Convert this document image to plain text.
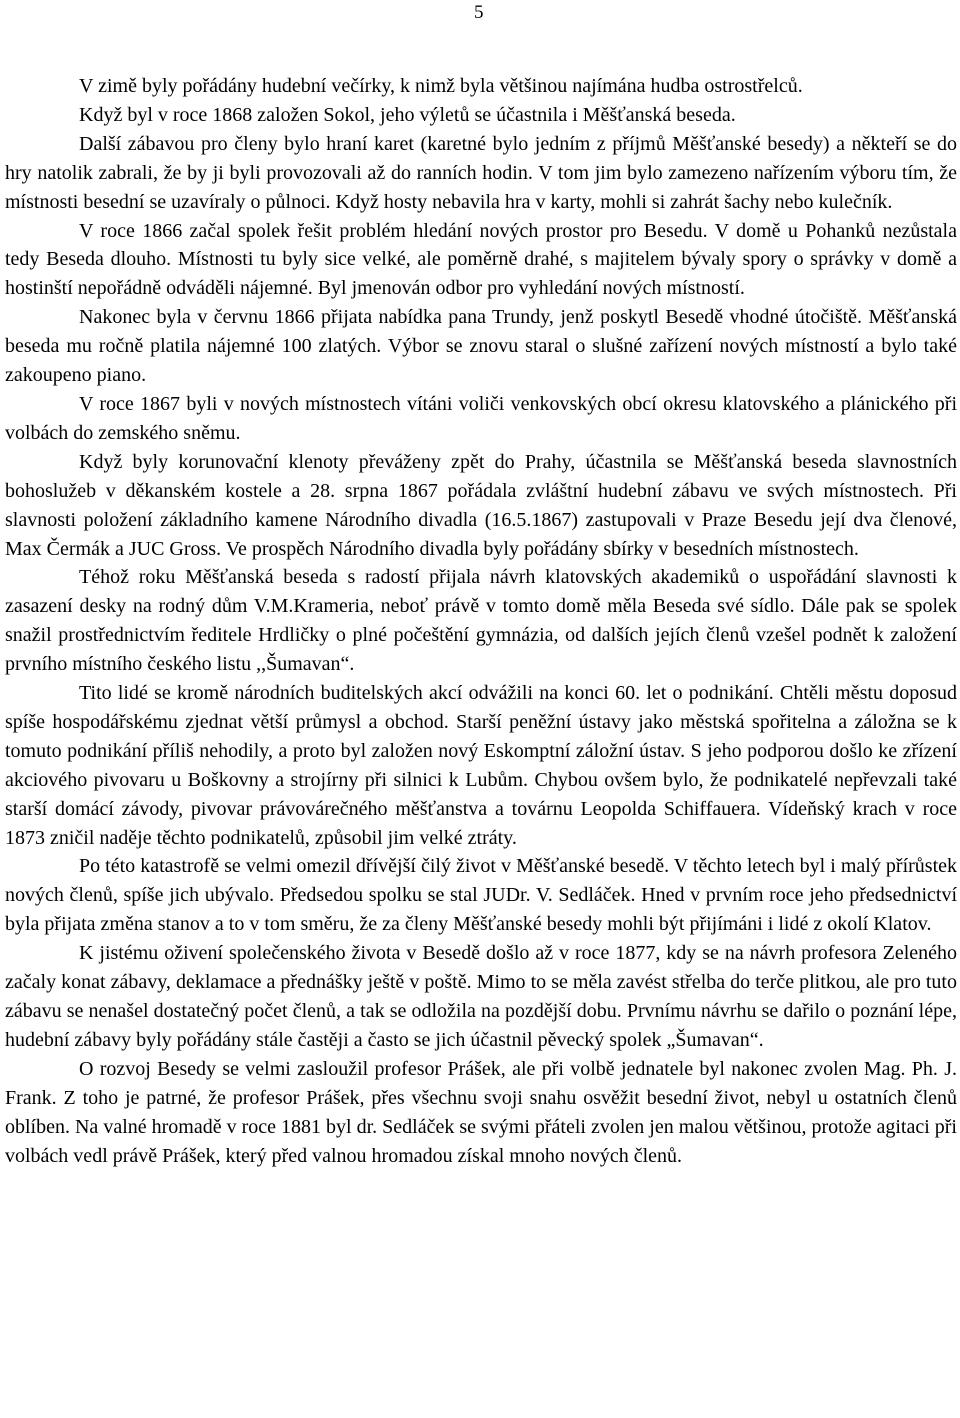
5

V zimě byly pořádány hudební večírky, k nimž byla většinou najímána hudba ostrostřelců.

Když byl v roce 1868 založen Sokol, jeho výletů se účastnila i Měšťanská beseda.

Další zábavou pro členy bylo hraní karet (karetné bylo jedním z příjmů Měšťanské besedy) a někteří se do hry natolik zabrali, že by ji byli provozovali až do ranních hodin. V tom jim bylo zamezeno nařízením výboru tím, že místnosti besední se uzavíraly o půlnoci. Když hosty nebavila hra v karty, mohli si zahrát šachy nebo kulečník.

V roce 1866 začal spolek řešit problém hledání nových prostor pro Besedu. V domě u Pohanků nezůstala tedy Beseda dlouho. Místnosti tu byly sice velké, ale poměrně drahé, s majitelem bývaly spory o správky v domě a hostinští nepořádně odváděli nájemné. Byl jmenován odbor pro vyhledání nových místností.

Nakonec byla v červnu 1866 přijata nabídka pana Trundy, jenž poskytl Besedě vhodné útočiště. Měšťanská beseda mu ročně platila nájemné 100 zlatých. Výbor se znovu staral o slušné zařízení nových místností a bylo také zakoupeno piano.

V roce 1867 byli v nových místnostech vítáni voliči venkovských obcí okresu klatovského a plánického při volbách do zemského sněmu.

Když byly korunovační klenoty převáženy zpět do Prahy, účastnila se Měšťanská beseda slavnostních bohoslužeb v děkanském kostele a 28. srpna 1867 pořádala zvláštní hudební zábavu ve svých místnostech. Při slavnosti položení základního kamene Národního divadla (16.5.1867) zastupovali v Praze Besedu její dva členové, Max Čermák a JUC Gross. Ve prospěch Národního divadla byly pořádány sbírky v besedních místnostech.

Téhož roku Měšťanská beseda s radostí přijala návrh klatovských akademiků o uspořádání slavnosti k zasazení desky na rodný dům V.M.Krameria, neboť právě v tomto domě měla Beseda své sídlo. Dále pak se spolek snažil prostřednictvím ředitele Hrdličky o plné počeštění gymnázia, od dalších jejích členů vzešel podnět k založení prvního místního českého listu ,,Šumavan“.

Tito lidé se kromě národních buditelských akcí odvážili na konci 60. let o podnikání. Chtěli městu doposud spíše hospodářskému zjednat větší průmysl a obchod. Starší peněžní ústavy jako městská spořitelna a záložna se k tomuto podnikání příliš nehodily, a proto byl založen nový Eskomptní záložní ústav. S jeho podporou došlo ke zřízení akciového pivovaru u Boškovny a strojírny při silnici k Lubům. Chybou ovšem bylo, že podnikatelé nepřevzali také starší domácí závody, pivovar právovárečného měšťanstva a továrnu Leopolda Schiffauera. Vídeňský krach v roce 1873 zničil naděje těchto podnikatelů, způsobil jim velké ztráty.

Po této katastrofě se velmi omezil dřívější čilý život v Měšťanské besedě. V těchto letech byl i malý přírůstek nových členů, spíše jich ubývalo. Předsedou spolku se stal JUDr. V. Sedláček. Hned v prvním roce jeho předsednictví byla přijata změna stanov a to v tom směru, že za členy Měšťanské besedy mohli být přijímáni i lidé z okolí Klatov.

K jistému oživení společenského života v Besedě došlo až v roce 1877, kdy se na návrh profesora Zeleného začaly konat zábavy, deklamace a přednášky ještě v poště. Mimo to se měla zavést střelba do terče plitkou, ale pro tuto zábavu se nenašel dostatečný počet členů, a tak se odložila na pozdější dobu. Prvnímu návrhu se dařilo o poznání lépe, hudební zábavy byly pořádány stále častěji a často se jich účastnil pěvecký spolek „Šumavan“.

O rozvoj Besedy se velmi zasloužil profesor Prášek, ale při volbě jednatele byl nakonec zvolen Mag. Ph. J. Frank. Z toho je patrné, že profesor Prášek, přes všechnu svoji snahu osvěžit besední život, nebyl u ostatních členů oblíben. Na valné hromadě v roce 1881 byl dr. Sedláček se svými přáteli zvolen jen malou většinou, protože agitaci při volbách vedl právě Prášek, který před valnou hromadou získal mnoho nových členů.
